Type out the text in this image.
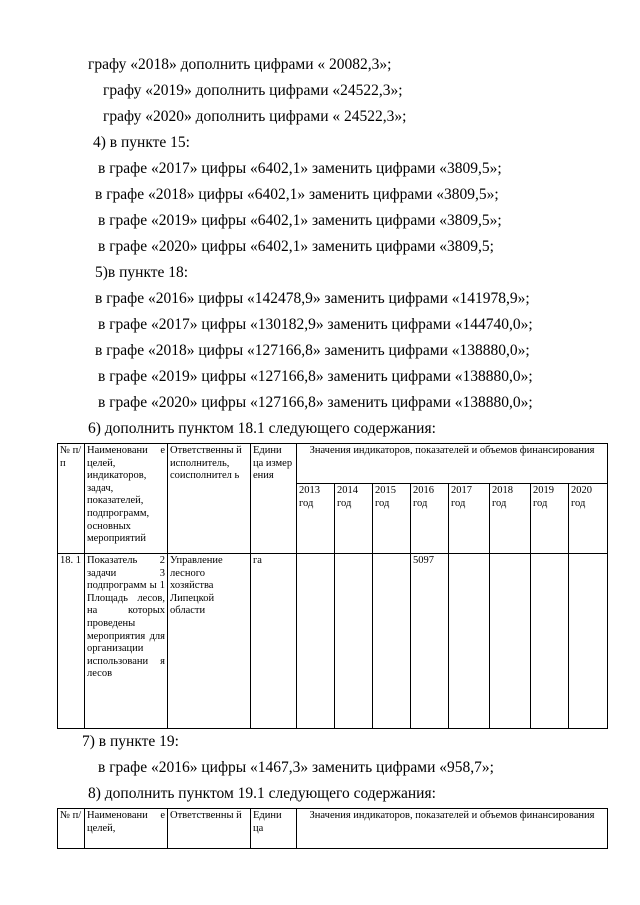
графу «2018» дополнить цифрами « 20082,3»;
графу «2019» дополнить цифрами «24522,3»;
графу «2020» дополнить цифрами « 24522,3»;
4) в пункте 15:
в графе «2017» цифры «6402,1» заменить цифрами «3809,5»;
в графе «2018» цифры «6402,1» заменить цифрами «3809,5»;
в графе «2019» цифры «6402,1» заменить цифрами «3809,5»;
в графе «2020» цифры «6402,1» заменить цифрами «3809,5;
5)в пункте 18:
в графе «2016» цифры «142478,9» заменить цифрами «141978,9»;
в графе «2017» цифры «130182,9» заменить цифрами «144740,0»;
в графе «2018» цифры «127166,8» заменить цифрами «138880,0»;
в графе «2019» цифры «127166,8» заменить цифрами «138880,0»;
в графе «2020» цифры «127166,8» заменить цифрами «138880,0»;
6) дополнить пунктом 18.1 следующего содержания:
№ п/ п	Наименовани е целей, индикаторов, задач, показателей, подпрограмм, основных мероприятий	Ответственны й исполнитель, соисполнител ь	Едини ца измер ения	Значения индикаторов, показателей и объемов финансирования							
				2013 год	2014 год	2015 год	2016 год	2017 год	2018 год	2019 год	2020 год
18. 1	Показатель 2 задачи 3 подпрограмм ы 1 Площадь лесов, на которых проведены мероприятия для организации использовани я лесов	Управление лесного хозяйства Липецкой области	га				5097				
7) в пункте 19:
в графе «2016» цифры «1467,3» заменить цифрами «958,7»;
8) дополнить пунктом 19.1 следующего содержания:
№ п/	Наименовани е целей,	Ответственны й	Едини ца	Значения индикаторов, показателей и объемов финансирования
